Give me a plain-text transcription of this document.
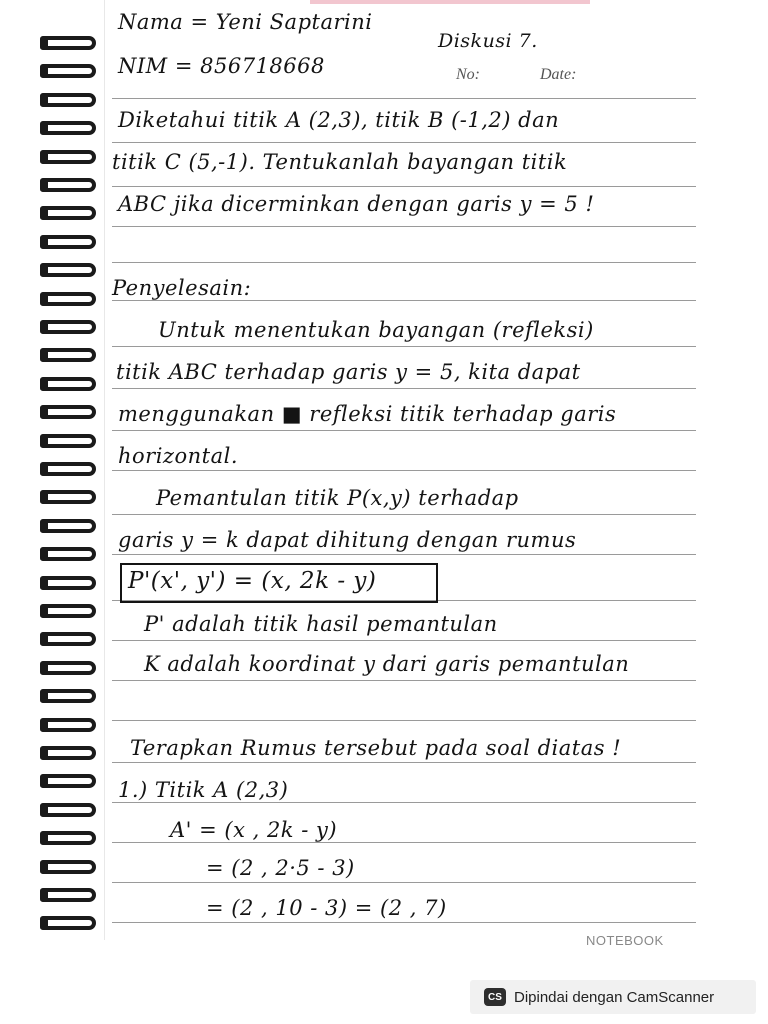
Nama = Yeni Saptarini
NIM = 856718668
Diskusi 7.
No:	Date:
Diketahui titik A (2,3), titik B (-1,2) dan
titik C (5,-1). Tentukanlah bayangan titik
ABC jika dicerminkan dengan garis y = 5 !
Penyelesain:
Untuk menentukan bayangan (refleksi)
titik ABC terhadap garis y = 5, kita dapat
menggunakan ■ refleksi titik terhadap garis
horizontal.
Pemantulan titik P(x,y) terhadap
garis y = k dapat dihitung dengan rumus
P'(x', y') = (x, 2k - y)
P' adalah titik hasil pemantulan
K adalah koordinat y dari garis pemantulan
Terapkan Rumus tersebut pada soal diatas !
1.) Titik A (2,3)
A' = (x , 2k - y)
= (2 , 2·5 - 3)
= (2 , 10 - 3) = (2 , 7)
NOTEBOOK
CS Dipindai dengan CamScanner
